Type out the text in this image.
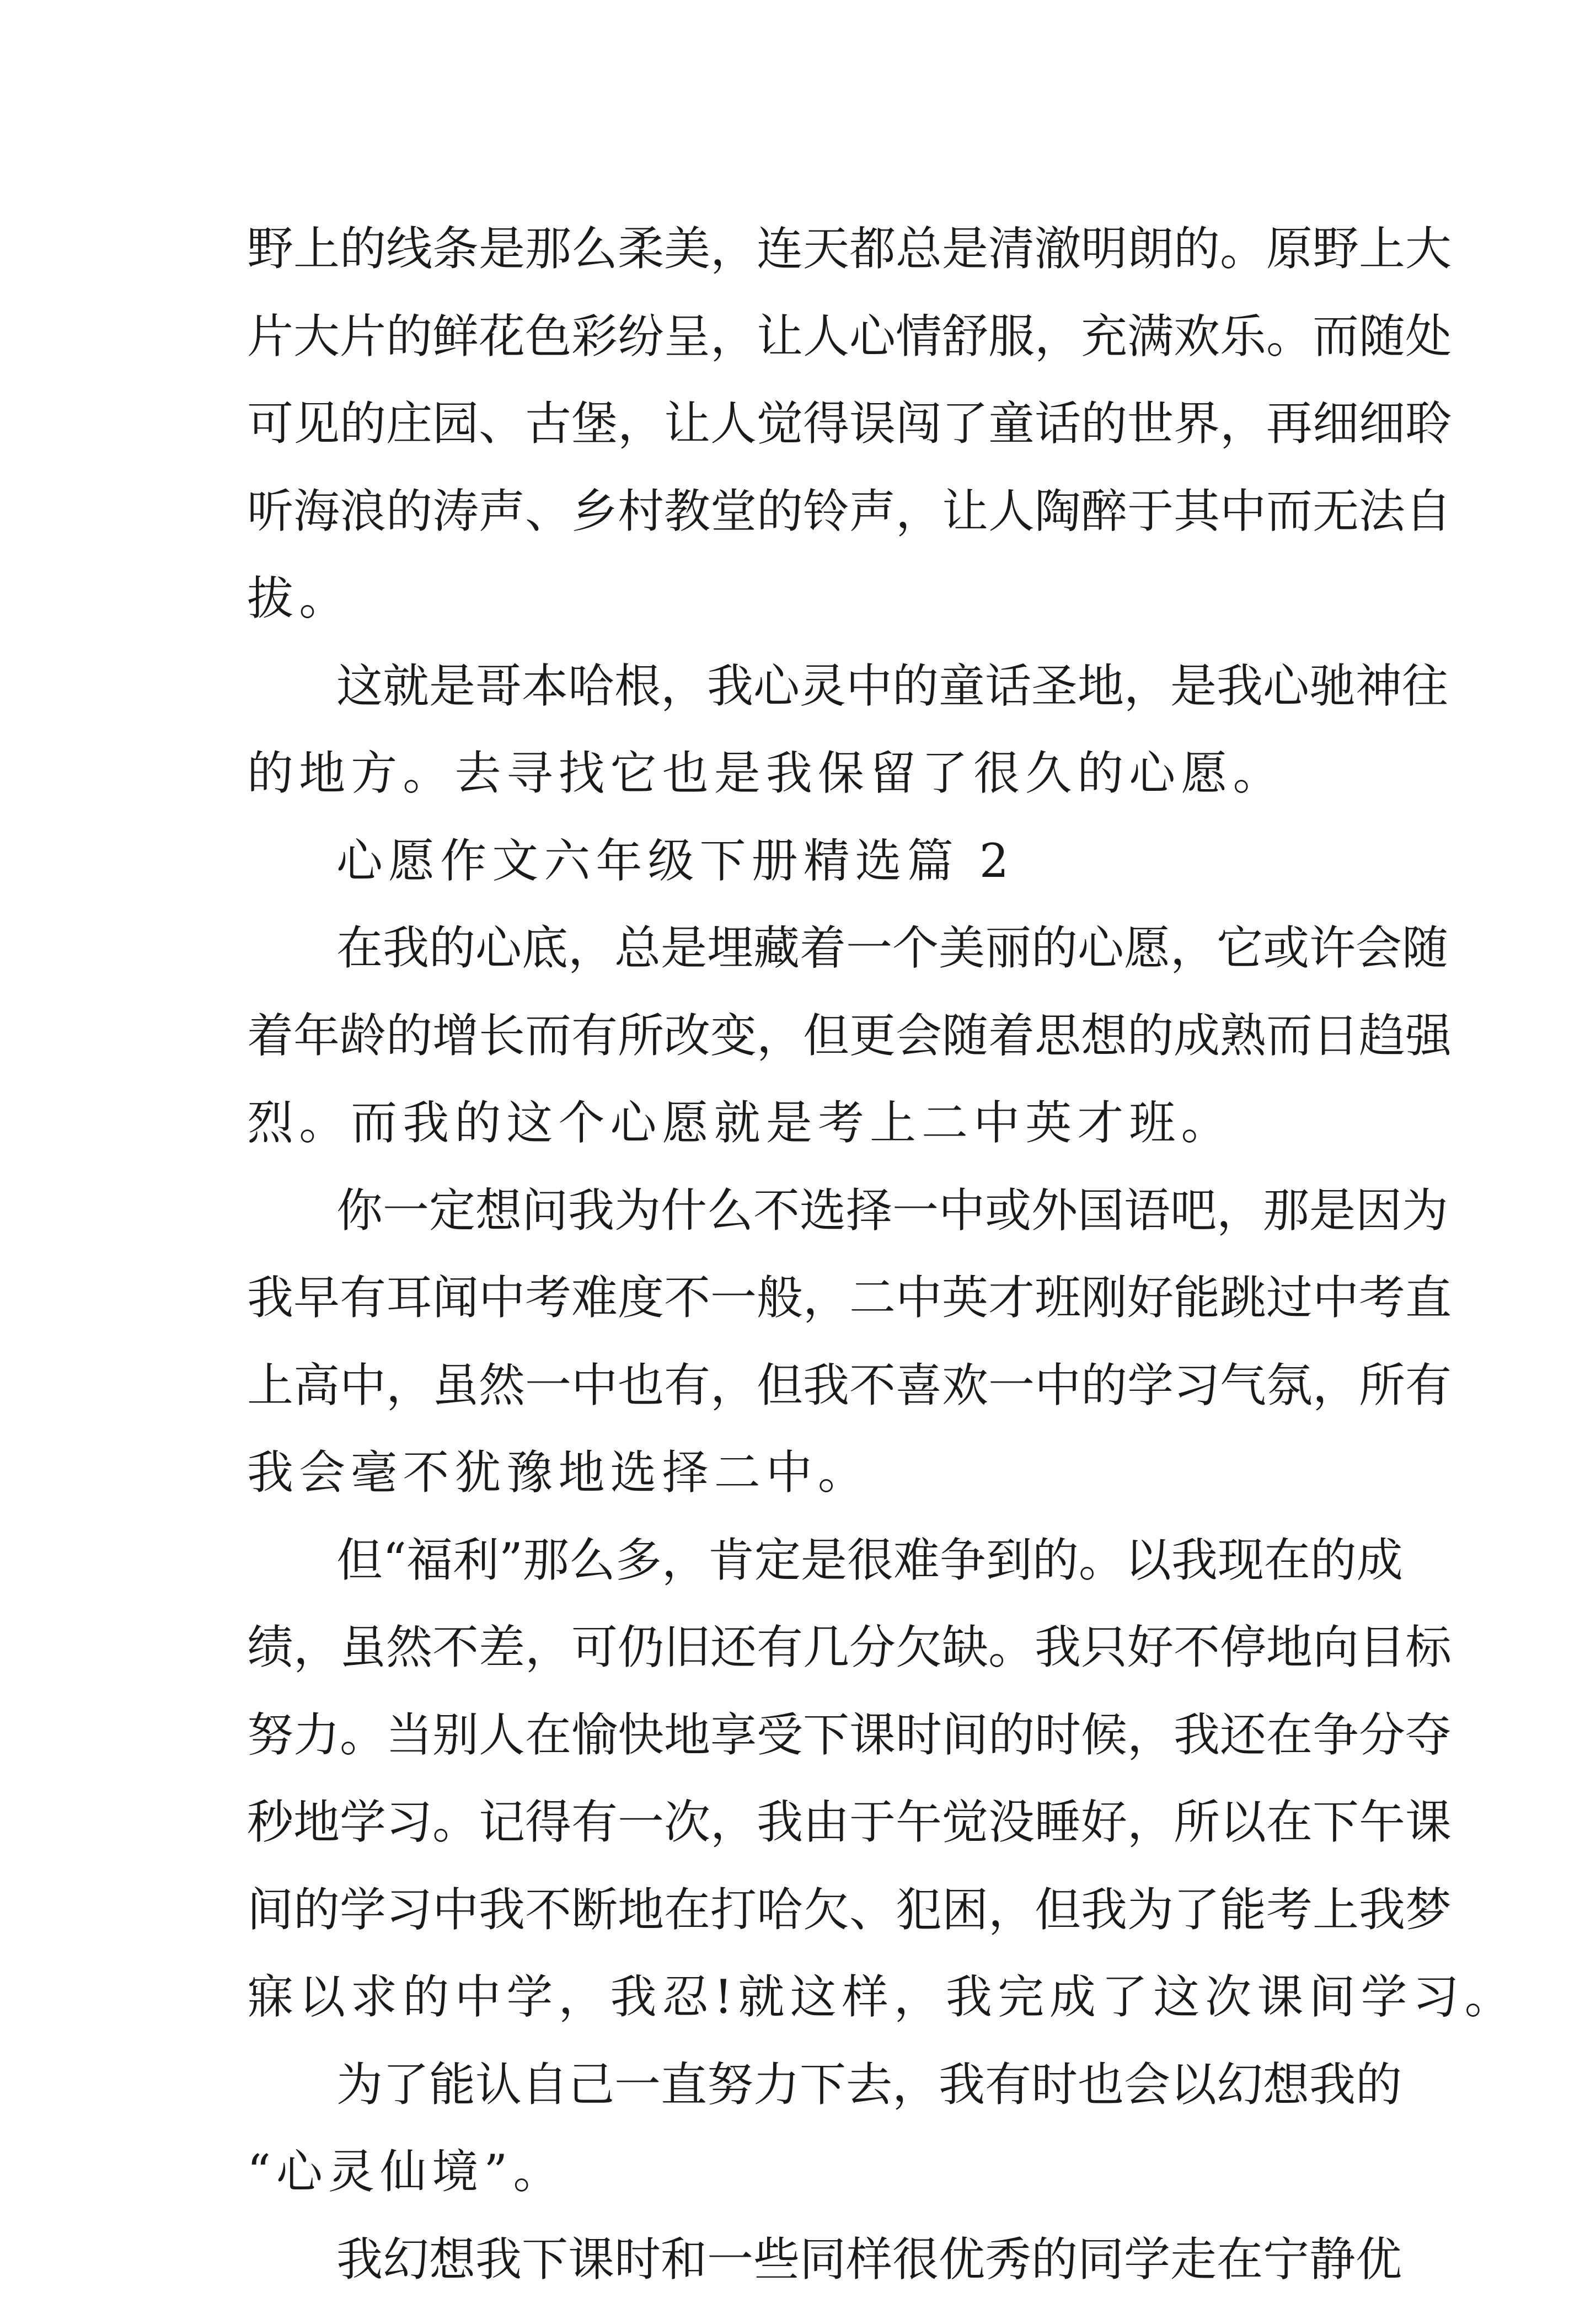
野上的线条是那么柔美，连天都总是清澈明朗的。原野上大
片大片的鲜花色彩纷呈，让人心情舒服，充满欢乐。而随处
可见的庄园、古堡，让人觉得误闯了童话的世界，再细细聆
听海浪的涛声、乡村教堂的铃声，让人陶醉于其中而无法自
拔。
这就是哥本哈根，我心灵中的童话圣地，是我心驰神往
的地方。去寻找它也是我保留了很久的心愿。
心愿作文六年级下册精选篇 2
在我的心底，总是埋藏着一个美丽的心愿，它或许会随
着年龄的增长而有所改变，但更会随着思想的成熟而日趋强
烈。而我的这个心愿就是考上二中英才班。
你一定想问我为什么不选择一中或外国语吧，那是因为
我早有耳闻中考难度不一般，二中英才班刚好能跳过中考直
上高中，虽然一中也有，但我不喜欢一中的学习气氛，所有
我会毫不犹豫地选择二中。
但“福利”那么多，肯定是很难争到的。以我现在的成
绩，虽然不差，可仍旧还有几分欠缺。我只好不停地向目标
努力。当别人在愉快地享受下课时间的时候，我还在争分夺
秒地学习。记得有一次，我由于午觉没睡好，所以在下午课
间的学习中我不断地在打哈欠、犯困，但我为了能考上我梦
寐以求的中学，我忍!就这样，我完成了这次课间学习。
为了能认自己一直努力下去，我有时也会以幻想我的
“心灵仙境”。
我幻想我下课时和一些同样很优秀的同学走在宁静优
